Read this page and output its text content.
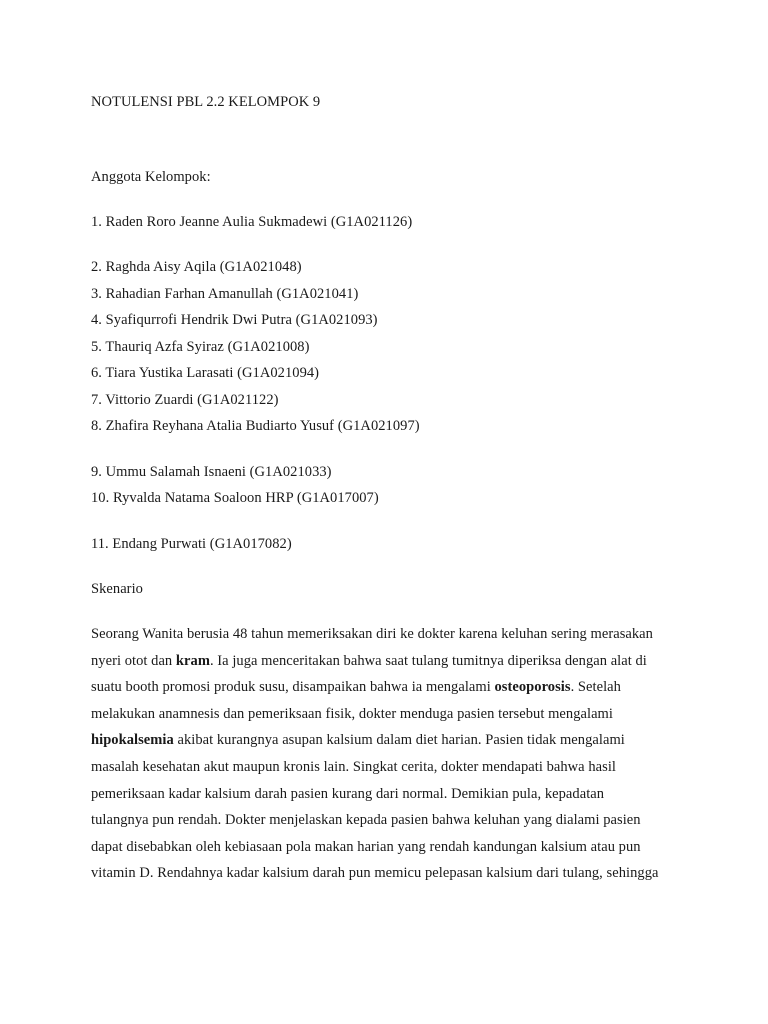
NOTULENSI PBL 2.2 KELOMPOK 9
Anggota Kelompok:
1. Raden Roro Jeanne Aulia Sukmadewi (G1A021126)
2. Raghda Aisy Aqila (G1A021048)
3. Rahadian Farhan Amanullah (G1A021041)
4. Syafiqurrofi Hendrik Dwi Putra (G1A021093)
5. Thauriq Azfa Syiraz (G1A021008)
6. Tiara Yustika Larasati (G1A021094)
7. Vittorio Zuardi (G1A021122)
8. Zhafira Reyhana Atalia Budiarto Yusuf (G1A021097)
9. Ummu Salamah Isnaeni (G1A021033)
10. Ryvalda Natama Soaloon HRP (G1A017007)
11. Endang Purwati (G1A017082)
Skenario
Seorang Wanita berusia 48 tahun memeriksakan diri ke dokter karena keluhan sering merasakan
nyeri otot dan kram. Ia juga menceritakan bahwa saat tulang tumitnya diperiksa dengan alat di
suatu booth promosi produk susu, disampaikan bahwa ia mengalami osteoporosis. Setelah
melakukan anamnesis dan pemeriksaan fisik, dokter menduga pasien tersebut mengalami
hipokalsemia akibat kurangnya asupan kalsium dalam diet harian. Pasien tidak mengalami
masalah kesehatan akut maupun kronis lain. Singkat cerita, dokter mendapati bahwa hasil
pemeriksaan kadar kalsium darah pasien kurang dari normal. Demikian pula, kepadatan
tulangnya pun rendah. Dokter menjelaskan kepada pasien bahwa keluhan yang dialami pasien
dapat disebabkan oleh kebiasaan pola makan harian yang rendah kandungan kalsium atau pun
vitamin D. Rendahnya kadar kalsium darah pun memicu pelepasan kalsium dari tulang, sehingga
